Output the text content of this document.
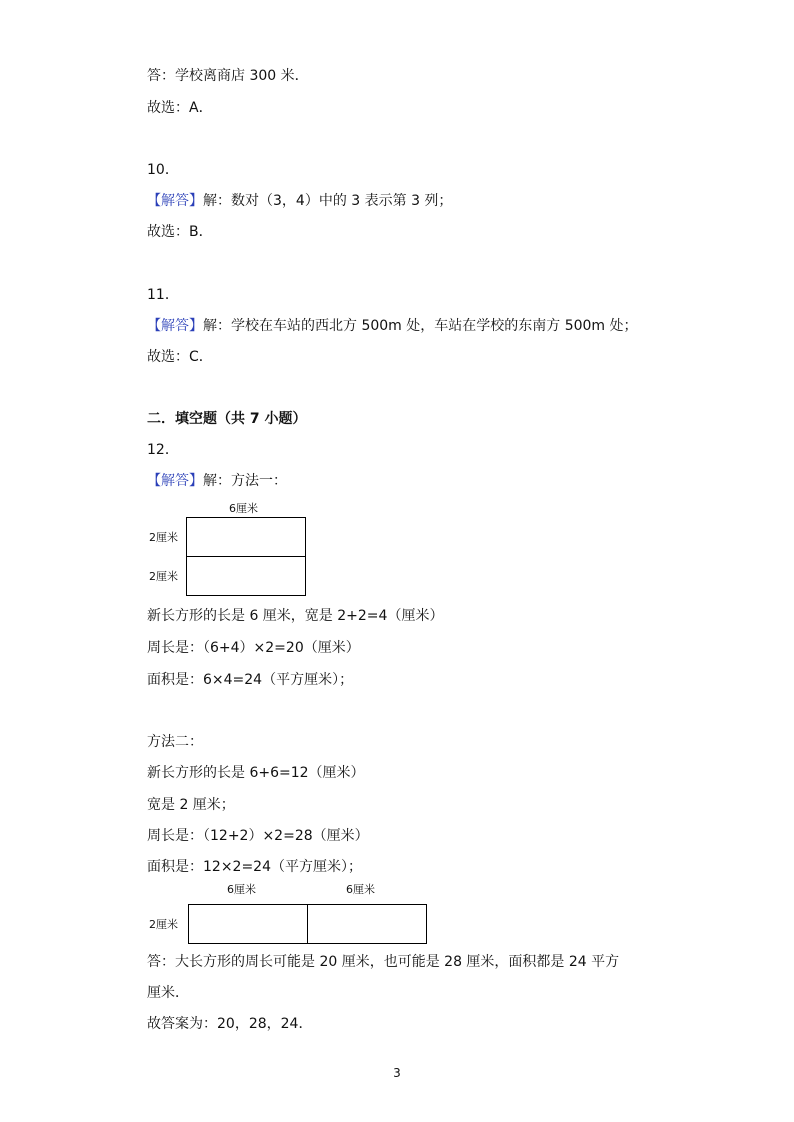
答：学校离商店 300 米．
故选：A．
10．
【解答】解：数对（3，4）中的 3 表示第 3 列；
故选：B．
11．
【解答】解：学校在车站的西北方 500m 处，车站在学校的东南方 500m 处；
故选：C．
二．填空题（共 7 小题）
12．
【解答】解：方法一：
6厘米
2厘米
2厘米
新长方形的长是 6 厘米，宽是 2+2=4（厘米）
周长是：（6+4）×2=20（厘米）
面积是：6×4=24（平方厘米）；
方法二：
新长方形的长是 6+6=12（厘米）
宽是 2 厘米；
周长是：（12+2）×2=28（厘米）
面积是：12×2=24（平方厘米）；
6厘米	6厘米
2厘米
答：大长方形的周长可能是 20 厘米，也可能是 28 厘米，面积都是 24 平方
厘米．
故答案为：20，28，24．
3
